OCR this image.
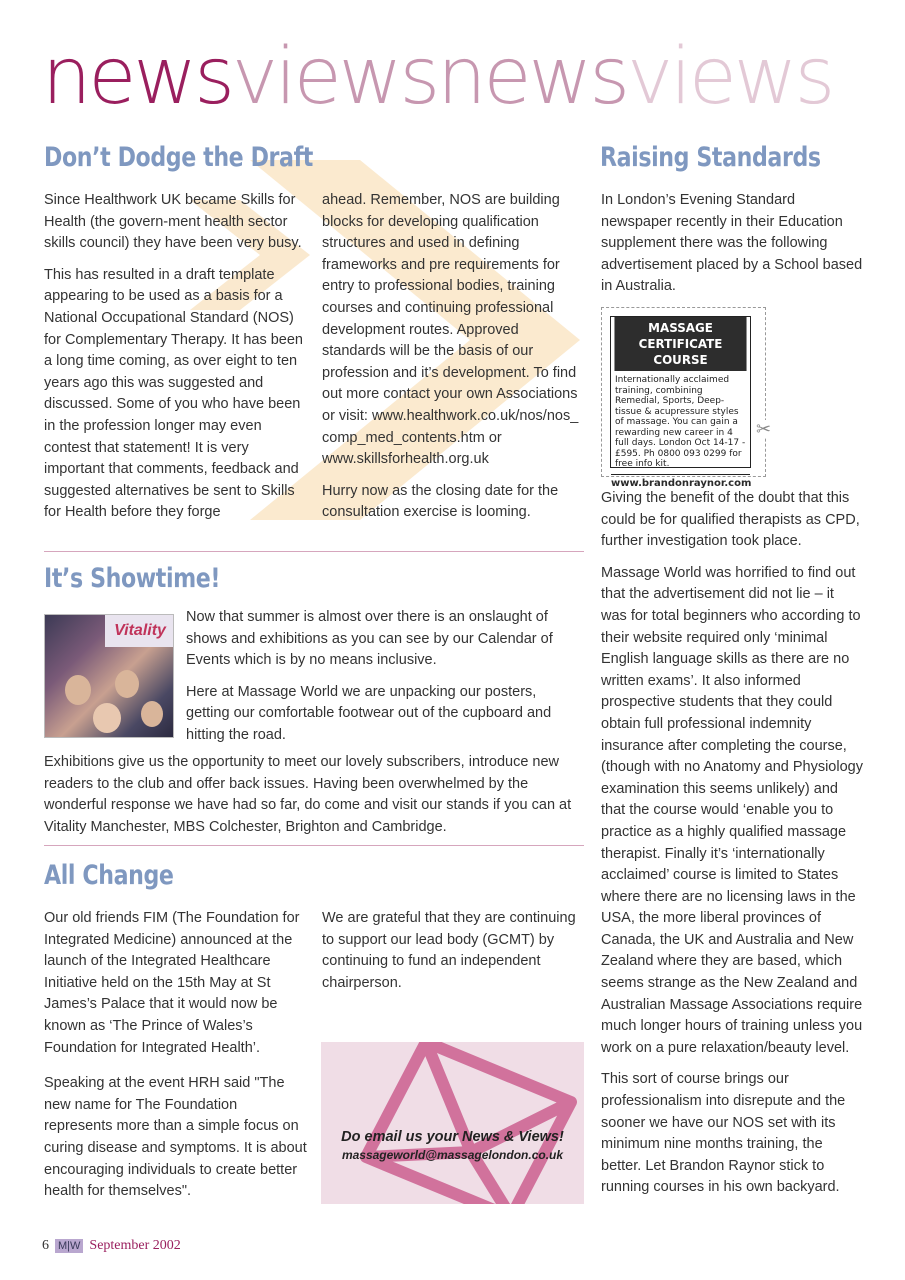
newsviewsnewsviews
Don’t Dodge the Draft

Since Healthwork UK became Skills for Health (the govern-ment health sector skills council) they have been very busy.

This has resulted in a draft template appearing to be used as a basis for a National Occupational Standard (NOS) for Complementary Therapy. It has been a long time coming, as over eight to ten years ago this was suggested and discussed. Some of you who have been in the profession longer may even contest that statement! It is very important that comments, feedback and suggested alternatives be sent to Skills for Health before they forge

ahead. Remember, NOS are building blocks for developing qualification structures and used in defining frameworks and pre requirements for entry to professional bodies, training courses and continuing professional development routes. Approved standards will be the basis of our profession and it’s development. To find out more contact your own Associations or visit: www.healthwork.co.uk/nos/nos_comp_med_contents.htm or www.skillsforhealth.org.uk

Hurry now as the closing date for the consultation exercise is looming.

It’s Showtime!
Vitality

Now that summer is almost over there is an onslaught of shows and exhibitions as you can see by our Calendar of Events which is by no means inclusive.

Here at Massage World we are unpacking our posters, getting our comfortable footwear out of the cupboard and hitting the road.

Exhibitions give us the opportunity to meet our lovely subscribers, introduce new readers to the club and offer back issues. Having been overwhelmed by the wonderful response we have had so far, do come and visit our stands if you can at Vitality Manchester, MBS Colchester, Brighton and Cambridge.

All Change

Our old friends FIM (The Foundation for Integrated Medicine) announced at the launch of the Integrated Healthcare Initiative held on the 15th May at St James’s Palace that it would now be known as ‘The Prince of Wales’s Foundation for Integrated Health’.

Speaking at the event HRH said "The new name for The Foundation represents more than a simple focus on curing disease and symptoms. It is about encouraging individuals to create better health for themselves".

We are grateful that they are continuing to support our lead body (GCMT) by continuing to fund an independent chairperson.

Do email us your News & Views!
massageworld@massagelondon.co.uk
Raising Standards

In London’s Evening Standard newspaper recently in their Education supplement there was the following advertisement placed by a School based in Australia.

MASSAGE
CERTIFICATE COURSE
Internationally acclaimed training, combining Remedial, Sports, Deep-tissue & acupressure styles of massage. You can gain a rewarding new career in 4 full days. London Oct 14-17 - £595. Ph 0800 093 0299 for free info kit.
www.brandonraynor.com
✂

Giving the benefit of the doubt that this could be for qualified therapists as CPD, further investigation took place.

Massage World was horrified to find out that the advertisement did not lie – it was for total beginners who according to their website required only ‘minimal English language skills as there are no written exams’. It also informed prospective students that they could obtain full professional indemnity insurance after completing the course, (though with no Anatomy and Physiology examination this seems unlikely) and that the course would ‘enable you to practice as a highly qualified massage therapist. Finally it’s ‘internationally acclaimed’ course is limited to States where there are no licensing laws in the USA, the more liberal provinces of Canada, the UK and Australia and New Zealand where they are based, which seems strange as the New Zealand and Australian Massage Associations require much longer hours of training unless you work on a pure relaxation/beauty level.

This sort of course brings our professionalism into disrepute and the sooner we have our NOS set with its minimum nine months training, the better. Let Brandon Raynor stick to running courses in his own backyard.

6 M|W September 2002
